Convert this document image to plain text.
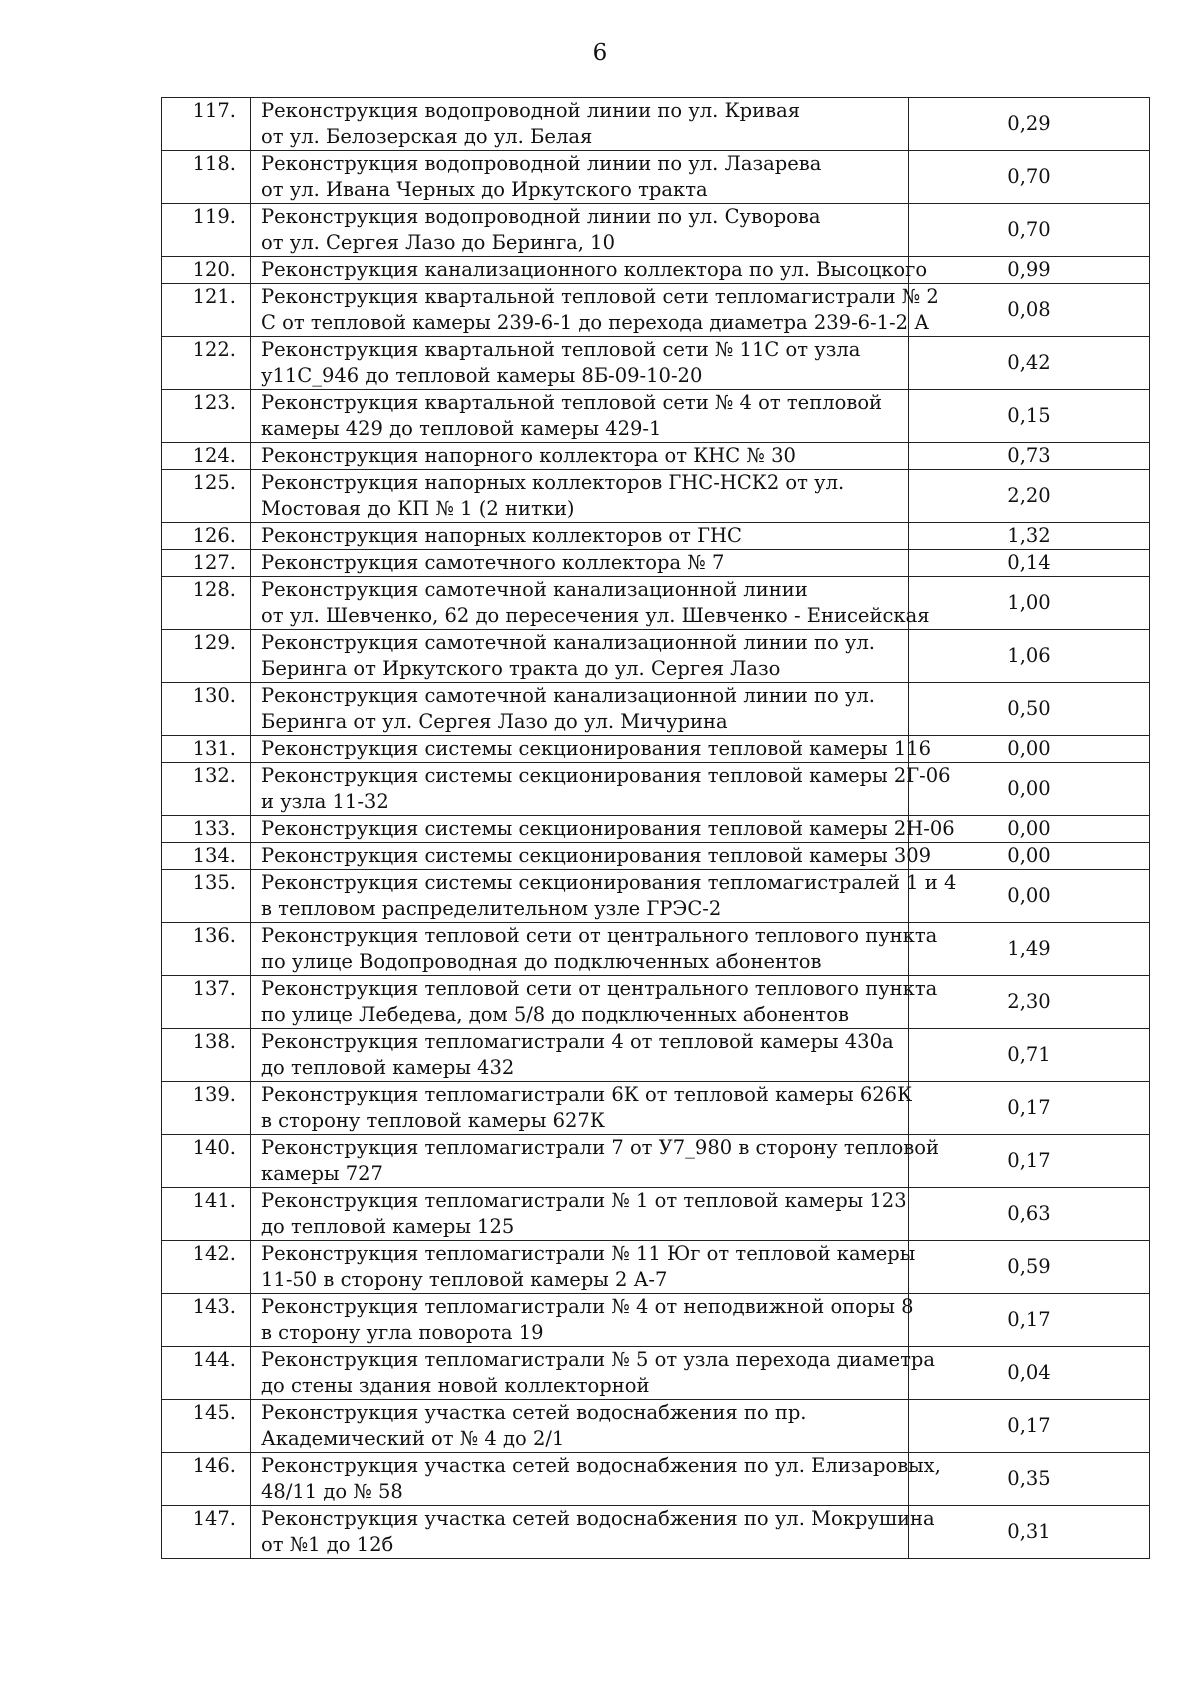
6
117.	Реконструкция водопроводной линии по ул. Кривая
от ул. Белозерская до ул. Белая	0,29
118.	Реконструкция водопроводной линии по ул. Лазарева
от ул. Ивана Черных до Иркутского тракта	0,70
119.	Реконструкция водопроводной линии по ул. Суворова
от ул. Сергея Лазо до Беринга, 10	0,70
120.	Реконструкция канализационного коллектора по ул. Высоцкого	0,99
121.	Реконструкция квартальной тепловой сети тепломагистрали № 2
С от тепловой камеры 239-6-1 до перехода диаметра 239-6-1-2 А	0,08
122.	Реконструкция квартальной тепловой сети № 11С от узла
у11С_946 до тепловой камеры 8Б-09-10-20	0,42
123.	Реконструкция квартальной тепловой сети № 4 от тепловой
камеры 429 до тепловой камеры 429-1	0,15
124.	Реконструкция напорного коллектора от КНС № 30	0,73
125.	Реконструкция напорных коллекторов ГНС-НСК2 от ул.
Мостовая до КП № 1 (2 нитки)	2,20
126.	Реконструкция напорных коллекторов от ГНС	1,32
127.	Реконструкция самотечного коллектора № 7	0,14
128.	Реконструкция самотечной канализационной линии
от ул. Шевченко, 62 до пересечения ул. Шевченко - Енисейская	1,00
129.	Реконструкция самотечной канализационной линии по ул.
Беринга от Иркутского тракта до ул. Сергея Лазо	1,06
130.	Реконструкция самотечной канализационной линии по ул.
Беринга от ул. Сергея Лазо до ул. Мичурина	0,50
131.	Реконструкция системы секционирования тепловой камеры 116	0,00
132.	Реконструкция системы секционирования тепловой камеры 2Г-06
и узла 11-32	0,00
133.	Реконструкция системы секционирования тепловой камеры 2Н-06	0,00
134.	Реконструкция системы секционирования тепловой камеры 309	0,00
135.	Реконструкция системы секционирования тепломагистралей 1 и 4
в тепловом распределительном узле ГРЭС-2	0,00
136.	Реконструкция тепловой сети от центрального теплового пункта
по улице Водопроводная до подключенных абонентов	1,49
137.	Реконструкция тепловой сети от центрального теплового пункта
по улице Лебедева, дом 5/8 до подключенных абонентов	2,30
138.	Реконструкция тепломагистрали 4 от тепловой камеры 430а
до тепловой камеры 432	0,71
139.	Реконструкция тепломагистрали 6К от тепловой камеры 626К
в сторону тепловой камеры 627К	0,17
140.	Реконструкция тепломагистрали 7 от У7_980 в сторону тепловой
камеры 727	0,17
141.	Реконструкция тепломагистрали № 1 от тепловой камеры 123
до тепловой камеры 125	0,63
142.	Реконструкция тепломагистрали № 11 Юг от тепловой камеры
11-50 в сторону тепловой камеры 2 А-7	0,59
143.	Реконструкция тепломагистрали № 4 от неподвижной опоры 8
в сторону угла поворота 19	0,17
144.	Реконструкция тепломагистрали № 5 от узла перехода диаметра
до стены здания новой коллекторной	0,04
145.	Реконструкция участка сетей водоснабжения по пр.
Академический от № 4 до 2/1	0,17
146.	Реконструкция участка сетей водоснабжения по ул. Елизаровых,
48/11 до № 58	0,35
147.	Реконструкция участка сетей водоснабжения по ул. Мокрушина
от №1 до 12б	0,31
